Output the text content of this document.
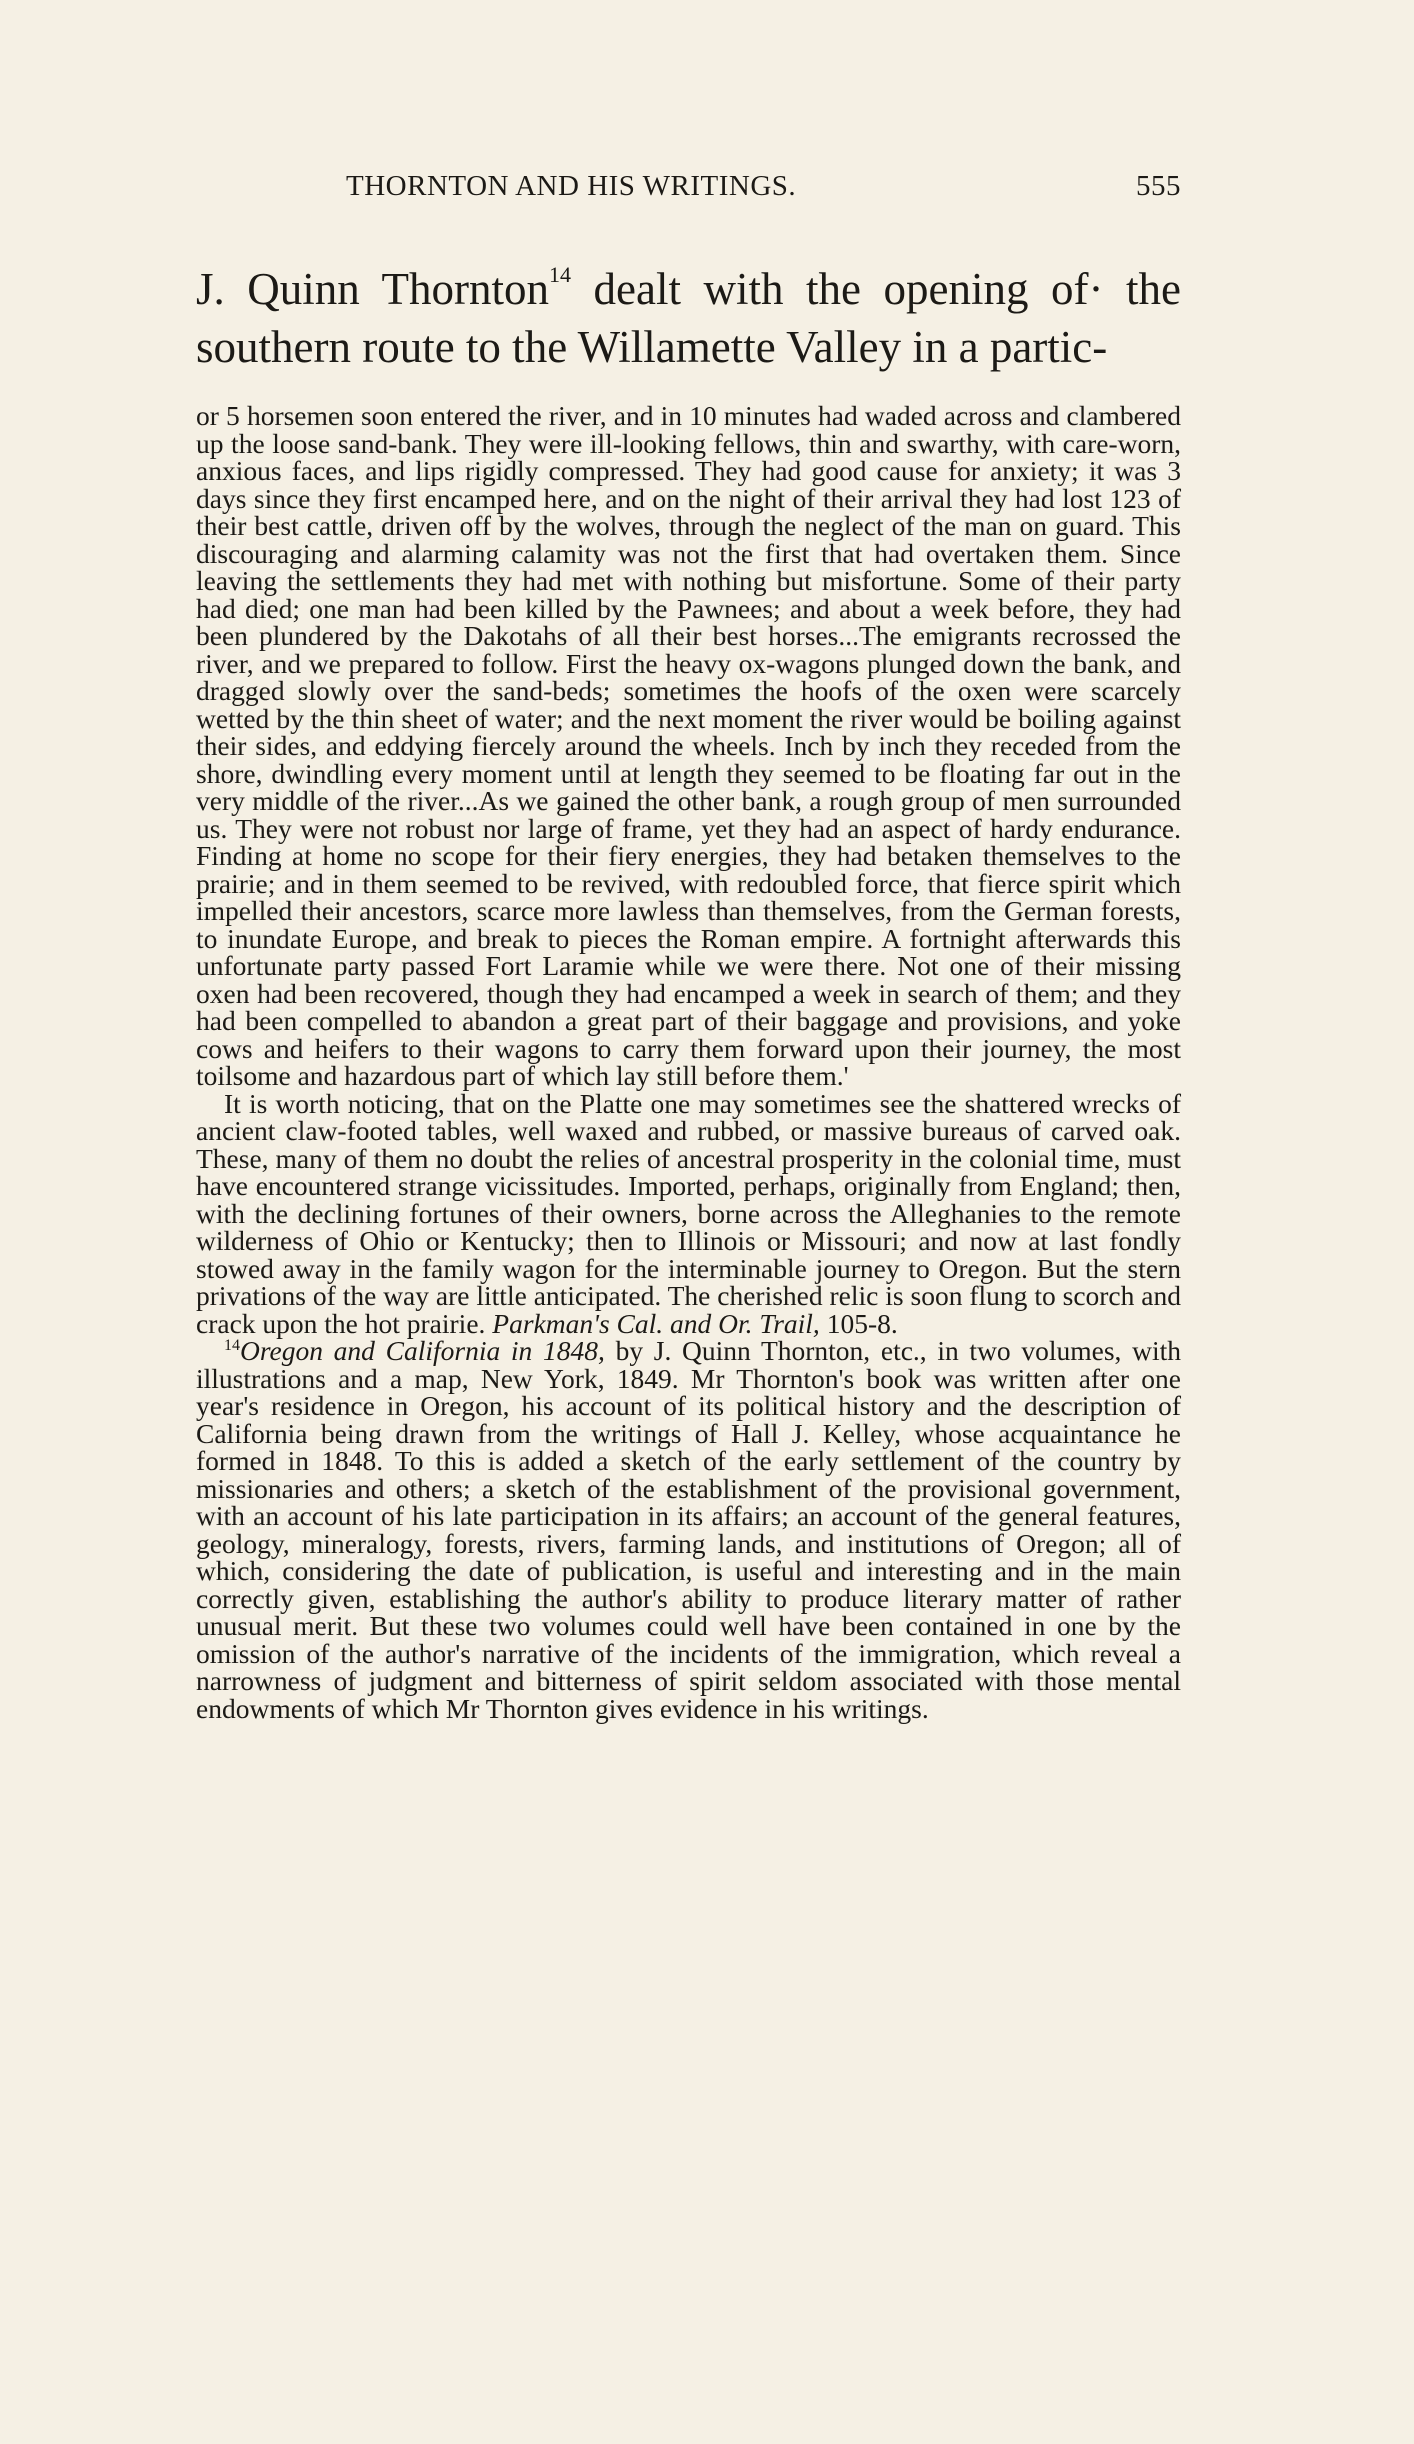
THORNTON AND HIS WRITINGS.	555

J. Quinn Thornton$^{14}$ dealt with the opening of· the southern route to the Willamette Valley in a partic-

or 5 horsemen soon entered the river, and in 10 minutes had waded across and clambered up the loose sand-bank. They were ill-looking fellows, thin and swarthy, with care-worn, anxious faces, and lips rigidly compressed. They had good cause for anxiety; it was 3 days since they first encamped here, and on the night of their arrival they had lost 123 of their best cattle, driven off by the wolves, through the neglect of the man on guard. This discouraging and alarming calamity was not the first that had overtaken them. Since leaving the settlements they had met with nothing but misfortune. Some of their party had died; one man had been killed by the Pawnees; and about a week before, they had been plundered by the Dakotahs of all their best horses...The emigrants recrossed the river, and we prepared to follow. First the heavy ox-wagons plunged down the bank, and dragged slowly over the sand-beds; sometimes the hoofs of the oxen were scarcely wetted by the thin sheet of water; and the next moment the river would be boiling against their sides, and eddying fiercely around the wheels. Inch by inch they receded from the shore, dwindling every moment until at length they seemed to be floating far out in the very middle of the river...As we gained the other bank, a rough group of men surrounded us. They were not robust nor large of frame, yet they had an aspect of hardy endurance. Finding at home no scope for their fiery energies, they had betaken themselves to the prairie; and in them seemed to be revived, with redoubled force, that fierce spirit which impelled their ancestors, scarce more lawless than themselves, from the German forests, to inundate Europe, and break to pieces the Roman empire. A fortnight afterwards this unfortunate party passed Fort Laramie while we were there. Not one of their missing oxen had been recovered, though they had encamped a week in search of them; and they had been compelled to abandon a great part of their baggage and provisions, and yoke cows and heifers to their wagons to carry them forward upon their journey, the most toilsome and hazardous part of which lay still before them.'

It is worth noticing, that on the Platte one may sometimes see the shattered wrecks of ancient claw-footed tables, well waxed and rubbed, or massive bureaus of carved oak. These, many of them no doubt the relies of ancestral prosperity in the colonial time, must have encountered strange vicissitudes. Imported, perhaps, originally from England; then, with the declining fortunes of their owners, borne across the Alleghanies to the remote wilderness of Ohio or Kentucky; then to Illinois or Missouri; and now at last fondly stowed away in the family wagon for the interminable journey to Oregon. But the stern privations of the way are little anticipated. The cherished relic is soon flung to scorch and crack upon the hot prairie. Parkman's Cal. and Or. Trail, 105-8.

$^{14}$Oregon and California in 1848, by J. Quinn Thornton, etc., in two volumes, with illustrations and a map, New York, 1849. Mr Thornton's book was written after one year's residence in Oregon, his account of its political history and the description of California being drawn from the writings of Hall J. Kelley, whose acquaintance he formed in 1848. To this is added a sketch of the early settlement of the country by missionaries and others; a sketch of the establishment of the provisional government, with an account of his late participation in its affairs; an account of the general features, geology, mineralogy, forests, rivers, farming lands, and institutions of Oregon; all of which, considering the date of publication, is useful and interesting and in the main correctly given, establishing the author's ability to produce literary matter of rather unusual merit. But these two volumes could well have been contained in one by the omission of the author's narrative of the incidents of the immigration, which reveal a narrowness of judgment and bitterness of spirit seldom associated with those mental endowments of which Mr Thornton gives evidence in his writings.
